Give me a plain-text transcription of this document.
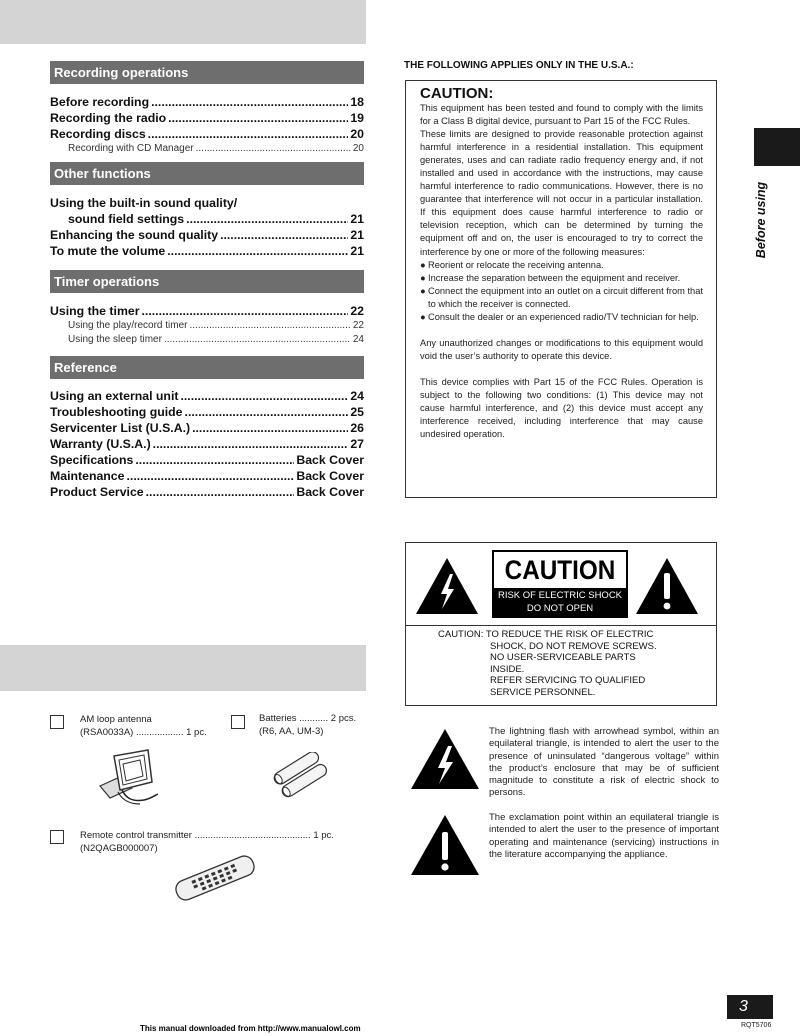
Recording operations
Before recording .....	18
Recording the radio .....	19
Recording discs .....	20
Recording with CD Manager .....	20
Other functions
Using the built-in sound quality/
sound field settings .....	21
Enhancing the sound quality .....	21
To mute the volume .....	21
Timer operations
Using the timer .....	22
Using the play/record timer .....	22
Using the sleep timer .....	24
Reference
Using an external unit .....	24
Troubleshooting guide .....	25
Servicenter List (U.S.A.) .....	26
Warranty (U.S.A.) .....	27
Specifications .....	Back Cover
Maintenance .....	Back Cover
Product Service .....	Back Cover
THE FOLLOWING APPLIES ONLY IN THE U.S.A.:
CAUTION:

This equipment has been tested and found to comply with the limits for a Class B digital device, pursuant to Part 15 of the FCC Rules.

These limits are designed to provide reasonable protection against harmful interference in a residential installation. This equipment generates, uses and can radiate radio frequency energy and, if not installed and used in accordance with the instructions, may cause harmful interference to radio communications. However, there is no guarantee that interference will not occur in a particular installation. If this equipment does cause harmful interference to radio or television reception, which can be determined by turning the equipment off and on, the user is encouraged to try to correct the interference by one or more of the following measures:

● Reorient or relocate the receiving antenna.
● Increase the separation between the equipment and receiver.
● Connect the equipment into an outlet on a circuit different from that to which the receiver is connected.
● Consult the dealer or an experienced radio/TV technician for help.

Any unauthorized changes or modifications to this equipment would void the user’s authority to operate this device.

This device complies with Part 15 of the FCC Rules. Operation is subject to the following two conditions: (1) This device may not cause harmful interference, and (2) this device must accept any interference received, including interference that may cause undesired operation.

Before using
CAUTION
RISK OF ELECTRIC SHOCK
DO NOT OPEN
CAUTION: TO REDUCE THE RISK OF ELECTRIC
SHOCK, DO NOT REMOVE SCREWS.
NO USER-SERVICEABLE PARTS
INSIDE.
REFER SERVICING TO QUALIFIED
SERVICE PERSONNEL.
The lightning flash with arrowhead symbol, within an equilateral triangle, is intended to alert the user to the presence of uninsulated “dangerous voltage” within the product’s enclosure that may be of sufficient magnitude to constitute a risk of electric shock to persons.
The exclamation point within an equilateral triangle is intended to alert the user to the presence of important operating and maintenance (servicing) instructions in the literature accompanying the appliance.
AM loop antenna
(RSA0033A) .................. 1 pc.
Batteries ........... 2 pcs.
(R6, AA, UM-3)
Remote control transmitter ............................................ 1 pc.
(N2QAGB000007)
3
RQT5706
This manual downloaded from http://www.manualowl.com
